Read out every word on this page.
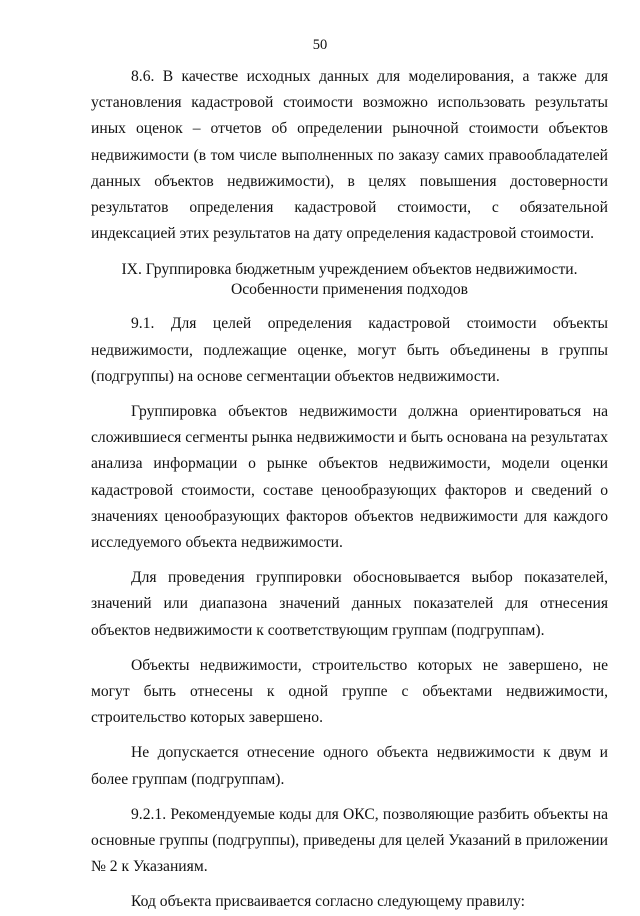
50

8.6. В качестве исходных данных для моделирования, а также для установления кадастровой стоимости возможно использовать результаты иных оценок – отчетов об определении рыночной стоимости объектов недвижимости (в том числе выполненных по заказу самих правообладателей данных объектов недвижимости), в целях повышения достоверности результатов определения кадастровой стоимости, с обязательной индексацией этих результатов на дату определения кадастровой стоимости.

IX. Группировка бюджетным учреждением объектов недвижимости.
Особенности применения подходов

9.1. Для целей определения кадастровой стоимости объекты недвижимости, подлежащие оценке, могут быть объединены в группы (подгруппы) на основе сегментации объектов недвижимости.

Группировка объектов недвижимости должна ориентироваться на сложившиеся сегменты рынка недвижимости и быть основана на результатах анализа информации о рынке объектов недвижимости, модели оценки кадастровой стоимости, составе ценообразующих факторов и сведений о значениях ценообразующих факторов объектов недвижимости для каждого исследуемого объекта недвижимости.

Для проведения группировки обосновывается выбор показателей, значений или диапазона значений данных показателей для отнесения объектов недвижимости к соответствующим группам (подгруппам).

Объекты недвижимости, строительство которых не завершено, не могут быть отнесены к одной группе с объектами недвижимости, строительство которых завершено.

Не допускается отнесение одного объекта недвижимости к двум и более группам (подгруппам).

9.2.1. Рекомендуемые коды для ОКС, позволяющие разбить объекты на основные группы (подгруппы), приведены для целей Указаний в приложении № 2 к Указаниям.

Код объекта присваивается согласно следующему правилу:
